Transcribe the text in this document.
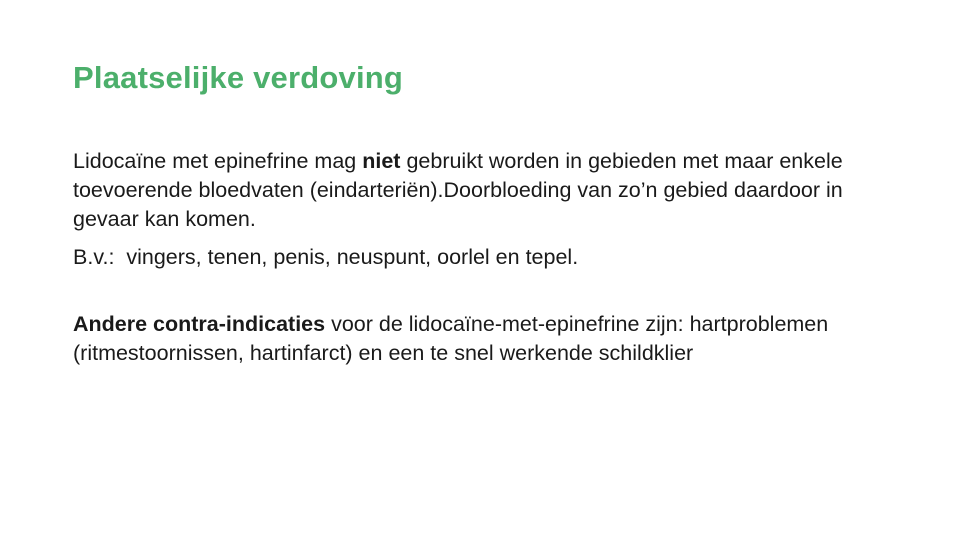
Plaatselijke verdoving

Lidocaïne met epinefrine mag niet gebruikt worden in gebieden met maar enkele toevoerende bloedvaten (eindarteriën).Doorbloeding van zo’n gebied daardoor in gevaar kan komen.

B.v.:  vingers, tenen, penis, neuspunt, oorlel en tepel.

Andere contra-indicaties voor de lidocaïne-met-epinefrine zijn: hartproblemen (ritmestoornissen, hartinfarct) en een te snel werkende schildklier
